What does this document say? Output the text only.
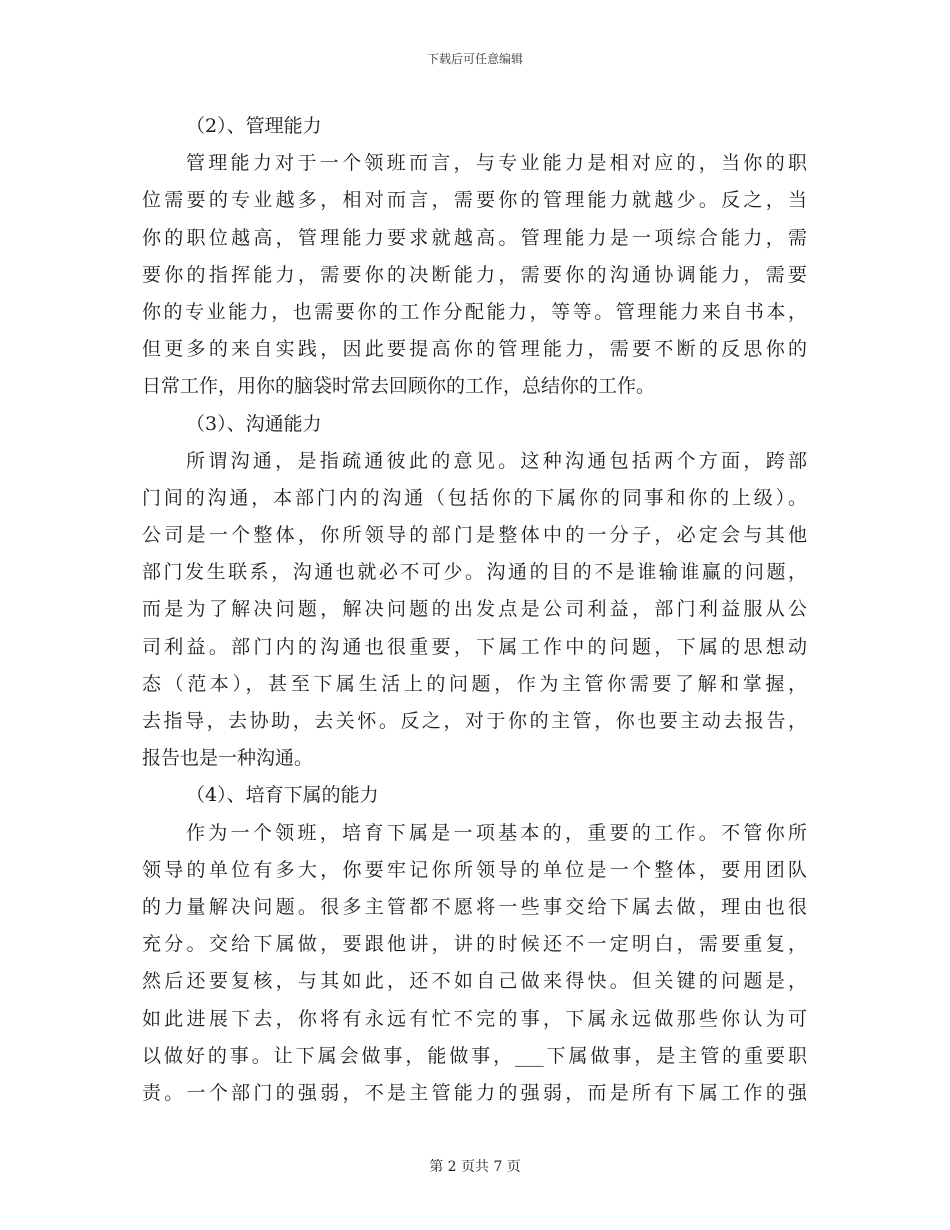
下载后可任意编辑
（2）、管理能力
管理能力对于一个领班而言，与专业能力是相对应的，当你的职
位需要的专业越多，相对而言，需要你的管理能力就越少。反之，当
你的职位越高，管理能力要求就越高。管理能力是一项综合能力，需
要你的指挥能力，需要你的决断能力，需要你的沟通协调能力，需要
你的专业能力，也需要你的工作分配能力，等等。管理能力来自书本，
但更多的来自实践，因此要提高你的管理能力，需要不断的反思你的
日常工作，用你的脑袋时常去回顾你的工作，总结你的工作。
（3）、沟通能力
所谓沟通，是指疏通彼此的意见。这种沟通包括两个方面，跨部
门间的沟通，本部门内的沟通（包括你的下属你的同事和你的上级）。
公司是一个整体，你所领导的部门是整体中的一分子，必定会与其他
部门发生联系，沟通也就必不可少。沟通的目的不是谁输谁赢的问题，
而是为了解决问题，解决问题的出发点是公司利益，部门利益服从公
司利益。部门内的沟通也很重要，下属工作中的问题，下属的思想动
态（范本），甚至下属生活上的问题，作为主管你需要了解和掌握，
去指导，去协助，去关怀。反之，对于你的主管，你也要主动去报告，
报告也是一种沟通。
（4）、培育下属的能力
作为一个领班，培育下属是一项基本的，重要的工作。不管你所
领导的单位有多大，你要牢记你所领导的单位是一个整体，要用团队
的力量解决问题。很多主管都不愿将一些事交给下属去做，理由也很
充分。交给下属做，要跟他讲，讲的时候还不一定明白，需要重复，
然后还要复核，与其如此，还不如自己做来得快。但关键的问题是，
如此进展下去，你将有永远有忙不完的事，下属永远做那些你认为可
以做好的事。让下属会做事，能做事，___下属做事，是主管的重要职
责。一个部门的强弱，不是主管能力的强弱，而是所有下属工作的强
第 2 页共 7 页
